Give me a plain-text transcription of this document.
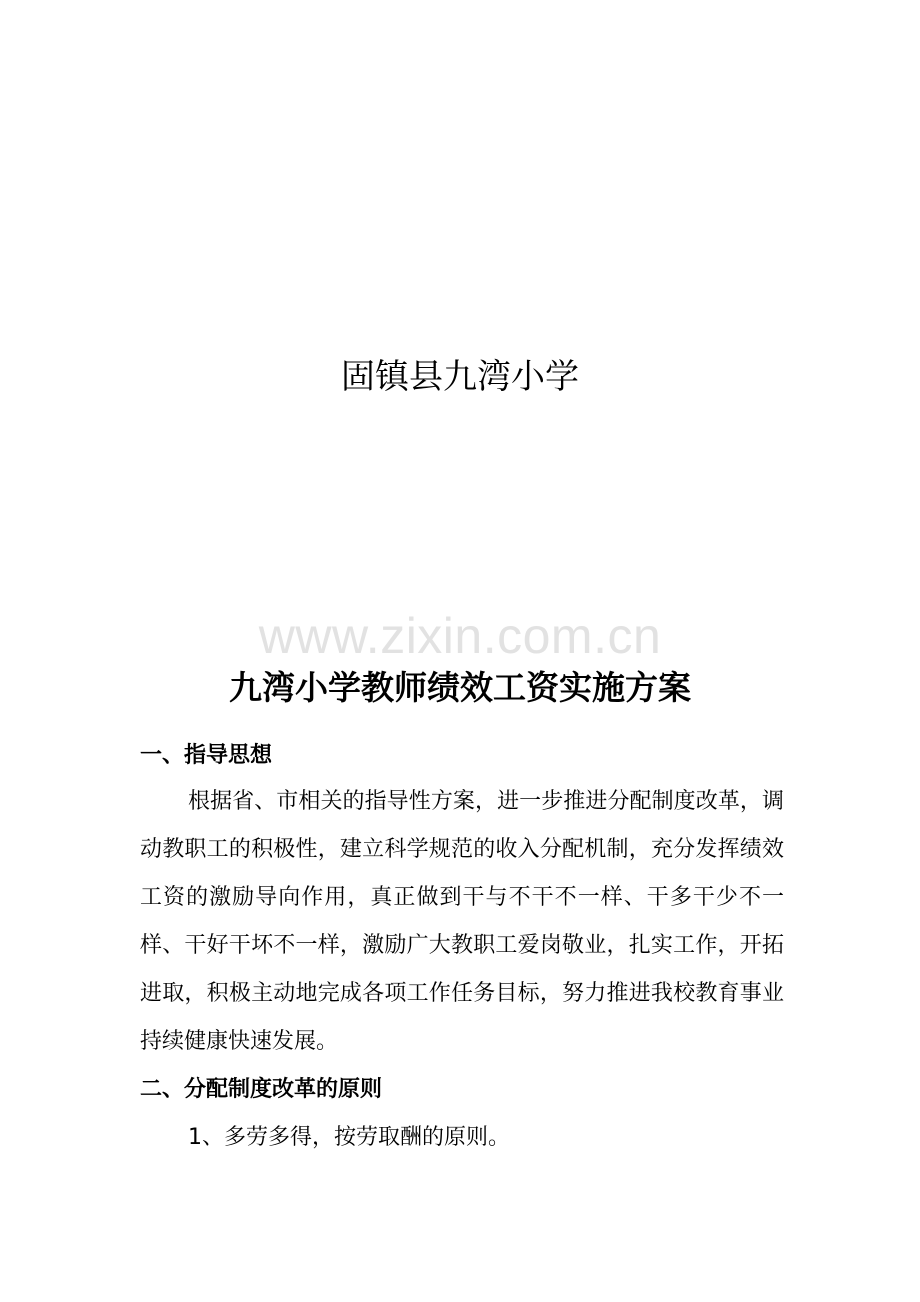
固镇县九湾小学
www.zixin.com.cn
九湾小学教师绩效工资实施方案

一、指导思想

根据省、市相关的指导性方案，进一步推进分配制度改革，调动教职工的积极性，建立科学规范的收入分配机制，充分发挥绩效工资的激励导向作用，真正做到干与不干不一样、干多干少不一样、干好干坏不一样，激励广大教职工爱岗敬业，扎实工作，开拓进取，积极主动地完成各项工作任务目标，努力推进我校教育事业持续健康快速发展。

二、分配制度改革的原则

1、多劳多得，按劳取酬的原则。
